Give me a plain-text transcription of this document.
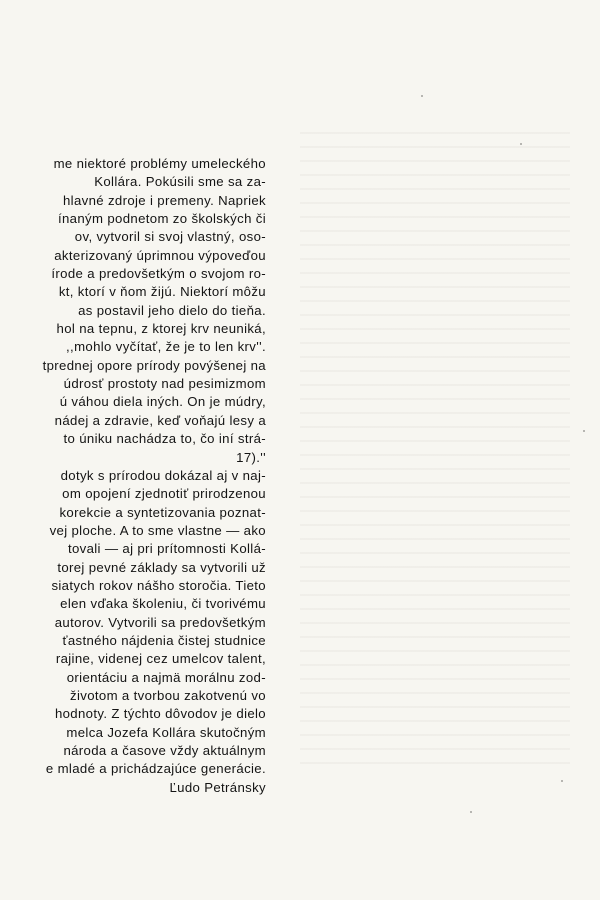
me niektoré problémy umeleckého
Kollára. Pokúsili sme sa za-
hlavné zdroje i premeny. Napriek
ínaným podnetom zo školských či
ov, vytvoril si svoj vlastný, oso-
akterizovaný úprimnou výpoveďou
írode a predovšetkým o svojom ro-
kt, ktorí v ňom žijú. Niektorí môžu
as postavil jeho dielo do tieňa.
hol na tepnu, z ktorej krv neuniká,
,,mohlo vyčítať, že je to len krv''.
tprednej opore prírody povýšenej na
údrosť prostoty nad pesimizmom
ú váhou diela iných. On je múdry,
nádej a zdravie, keď voňajú lesy a
to úniku nachádza to, čo iní strá-
17).''
dotyk s prírodou dokázal aj v naj-
om opojení zjednotiť prirodzenou
korekcie a syntetizovania poznat-
vej ploche. A to sme vlastne — ako
tovali — aj pri prítomnosti Kollá-
torej pevné základy sa vytvorili už
siatych rokov nášho storočia. Tieto
elen vďaka školeniu, či tvorivému
autorov. Vytvorili sa predovšetkým
ťastného nájdenia čistej studnice
rajine, videnej cez umelcov talent,
orientáciu a najmä morálnu zod-
životom a tvorbou zakotvenú vo
hodnoty. Z týchto dôvodov je dielo
melca Jozefa Kollára skutočným
národa a časove vždy aktuálnym
e mladé a prichádzajúce generácie.
Ľudo Petránsky
